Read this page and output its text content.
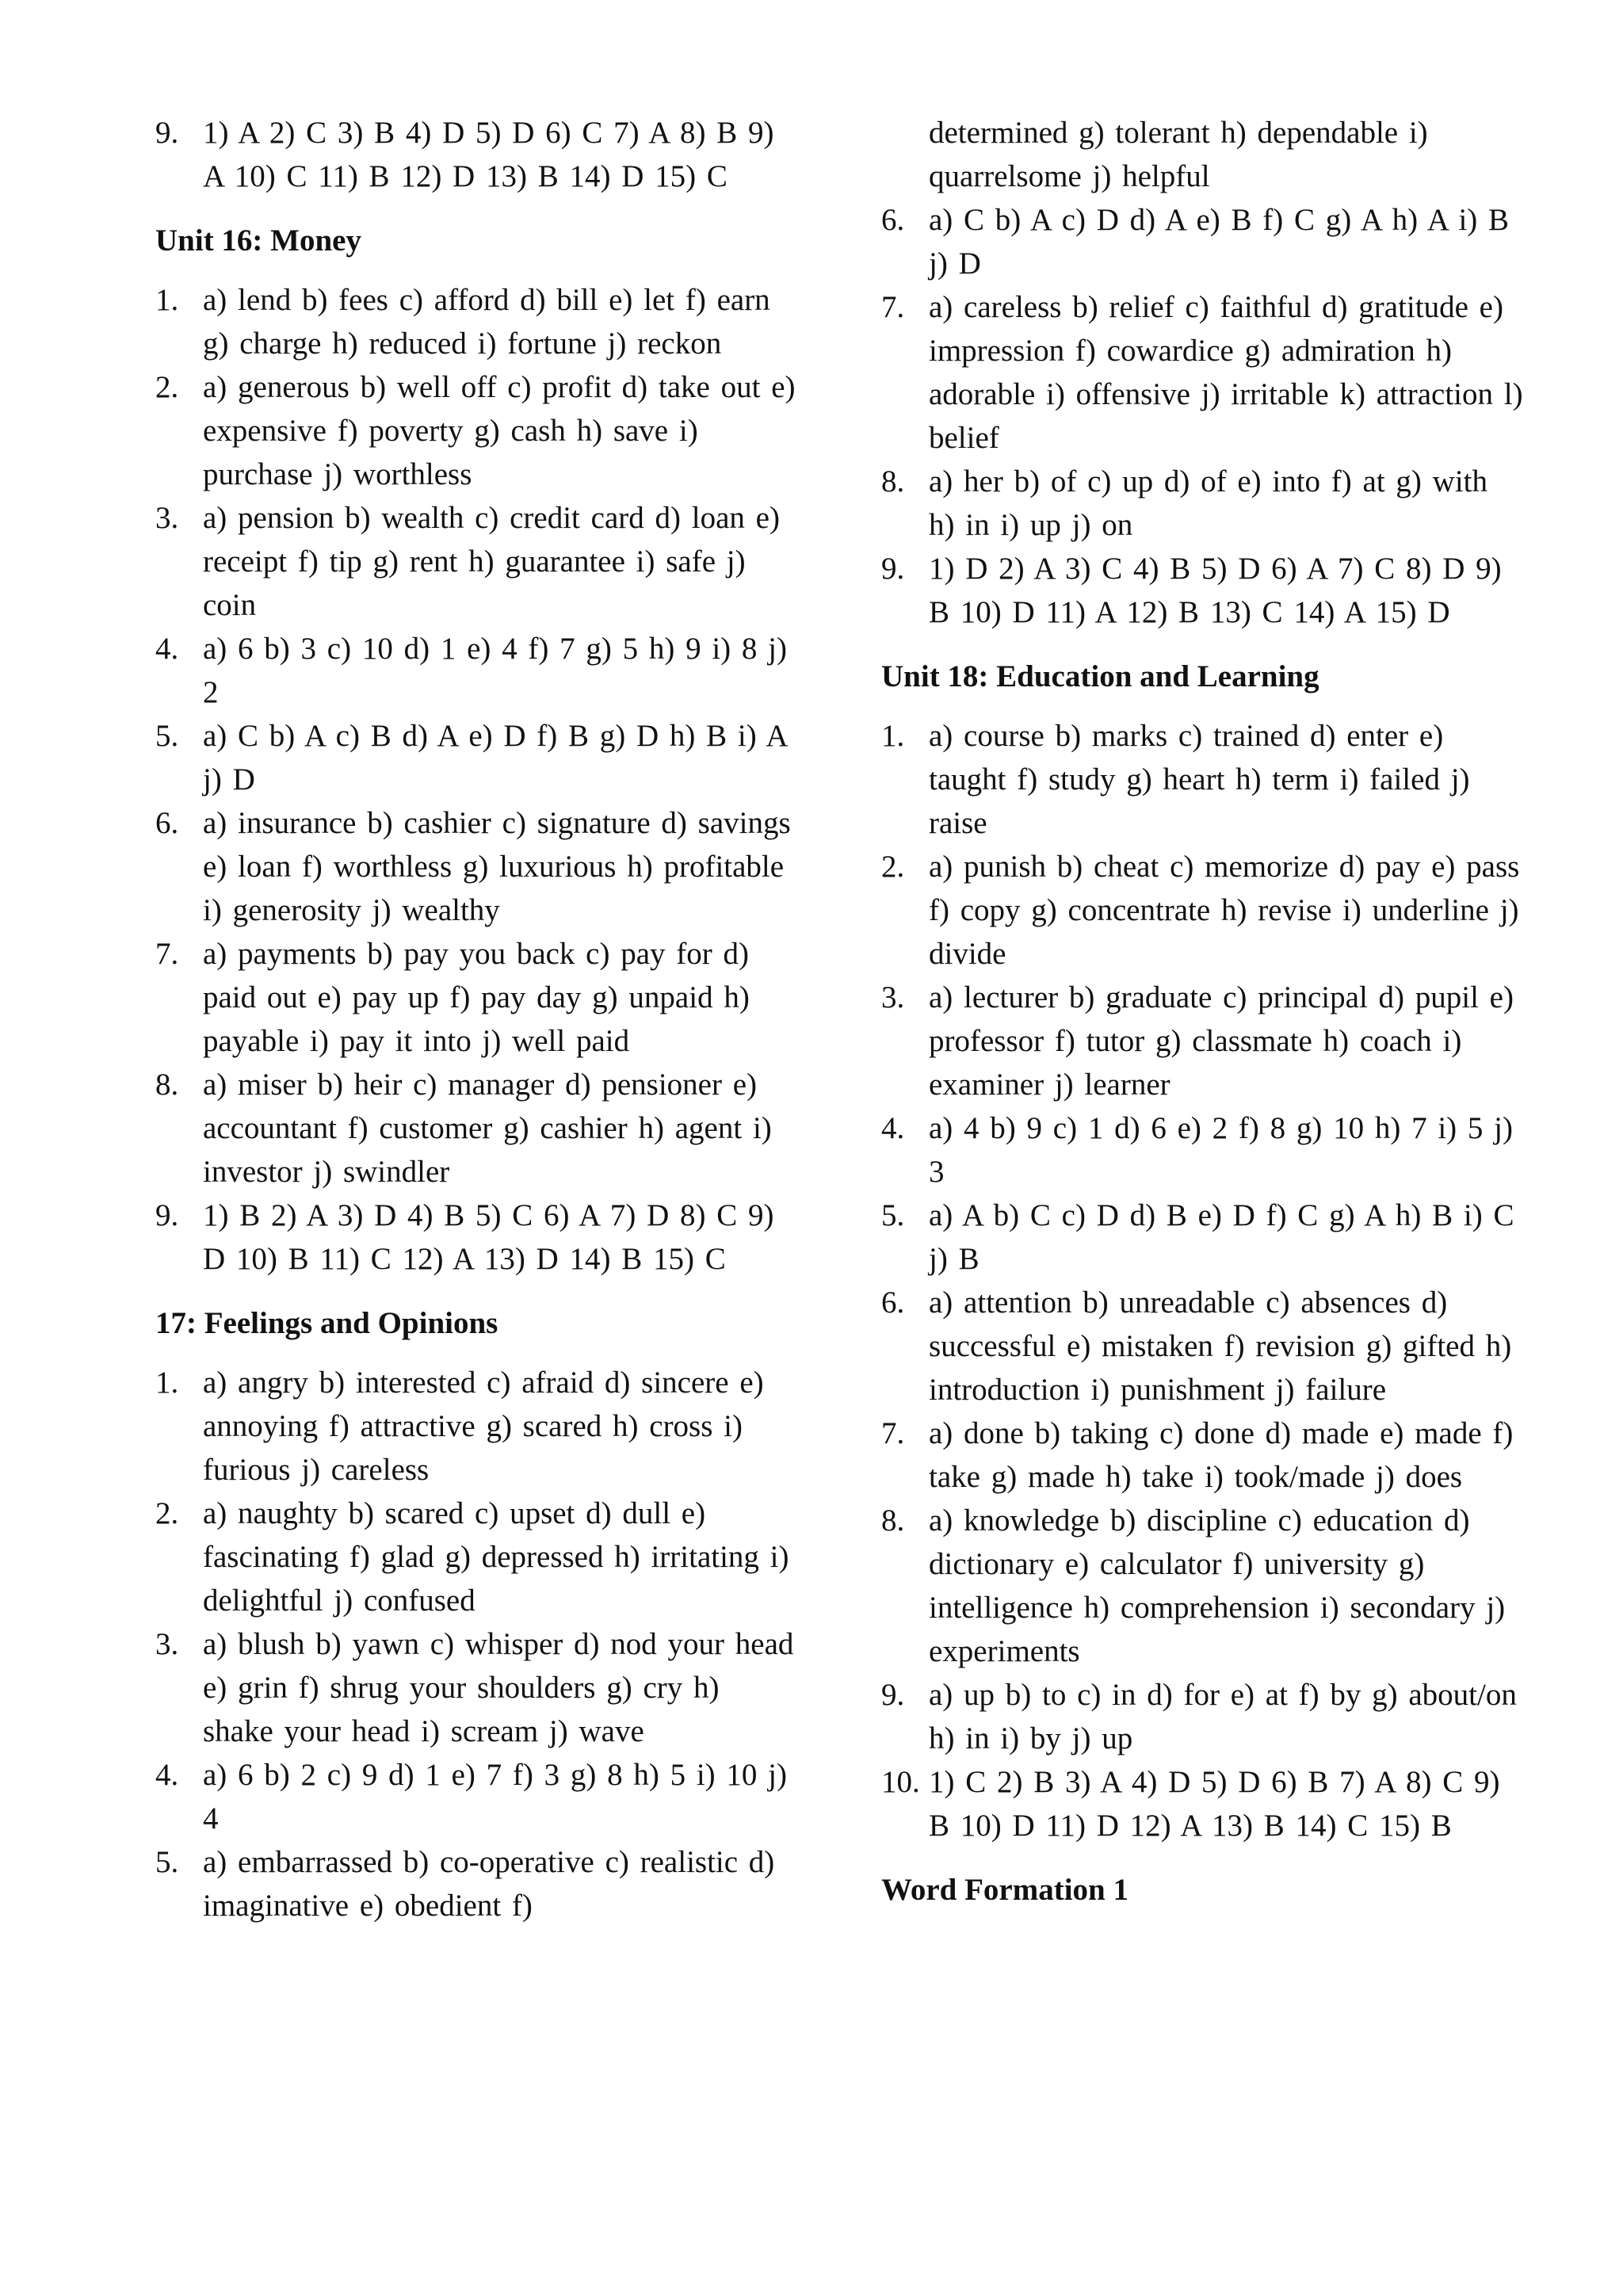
9. 1) A 2) C 3) B 4) D 5) D 6) C 7) A 8) B 9) A 10) C 11) B 12) D 13) B 14) D 15) C
Unit 16: Money
1. a) lend b) fees c) afford d) bill e) let f) earn g) charge h) reduced i) fortune j) reckon
2. a) generous b) well off c) profit d) take out e) expensive f) poverty g) cash h) save i) purchase j) worthless
3. a) pension b) wealth c) credit card d) loan e) receipt f) tip g) rent h) guarantee i) safe j) coin
4. a) 6 b) 3 c) 10 d) 1 e) 4 f) 7 g) 5 h) 9 i) 8 j) 2
5. a) C b) A c) B d) A e) D f) B g) D h) B i) A j) D
6. a) insurance b) cashier c) signature d) savings e) loan f) worthless g) luxurious h) profitable i) generosity j) wealthy
7. a) payments b) pay you back c) pay for d) paid out e) pay up f) pay day g) unpaid h) payable i) pay it into j) well paid
8. a) miser b) heir c) manager d) pensioner e) accountant f) customer g) cashier h) agent i) investor j) swindler
9. 1) B 2) A 3) D 4) B 5) C 6) A 7) D 8) C 9) D 10) B 11) C 12) A 13) D 14) B 15) C
17: Feelings and Opinions
1. a) angry b) interested c) afraid d) sincere e) annoying f) attractive g) scared h) cross i) furious j) careless
2. a) naughty b) scared c) upset d) dull e) fascinating f) glad g) depressed h) irritating i) delightful j) confused
3. a) blush b) yawn c) whisper d) nod your head e) grin f) shrug your shoulders g) cry h) shake your head i) scream j) wave
4. a) 6 b) 2 c) 9 d) 1 e) 7 f) 3 g) 8 h) 5 i) 10 j) 4
5. a) embarrassed b) co-operative c) realistic d) imaginative e) obedient f)
determined g) tolerant h) dependable i) quarrelsome j) helpful
6. a) C b) A c) D d) A e) B f) C g) A h) A i) B j) D
7. a) careless b) relief c) faithful d) gratitude e) impression f) cowardice g) admiration h) adorable i) offensive j) irritable k) attraction l) belief
8. a) her b) of c) up d) of e) into f) at g) with h) in i) up j) on
9. 1) D 2) A 3) C 4) B 5) D 6) A 7) C 8) D 9) B 10) D 11) A 12) B 13) C 14) A 15) D
Unit 18: Education and Learning
1. a) course b) marks c) trained d) enter e) taught f) study g) heart h) term i) failed j) raise
2. a) punish b) cheat c) memorize d) pay e) pass f) copy g) concentrate h) revise i) underline j) divide
3. a) lecturer b) graduate c) principal d) pupil e) professor f) tutor g) classmate h) coach i) examiner j) learner
4. a) 4 b) 9 c) 1 d) 6 e) 2 f) 8 g) 10 h) 7 i) 5 j) 3
5. a) A b) C c) D d) B e) D f) C g) A h) B i) C j) B
6. a) attention b) unreadable c) absences d) successful e) mistaken f) revision g) gifted h) introduction i) punishment j) failure
7. a) done b) taking c) done d) made e) made f) take g) made h) take i) took/made j) does
8. a) knowledge b) discipline c) education d) dictionary e) calculator f) university g) intelligence h) comprehension i) secondary j) experiments
9. a) up b) to c) in d) for e) at f) by g) about/on h) in i) by j) up
10. 1) C 2) B 3) A 4) D 5) D 6) B 7) A 8) C 9) B 10) D 11) D 12) A 13) B 14) C 15) B
Word Formation 1
